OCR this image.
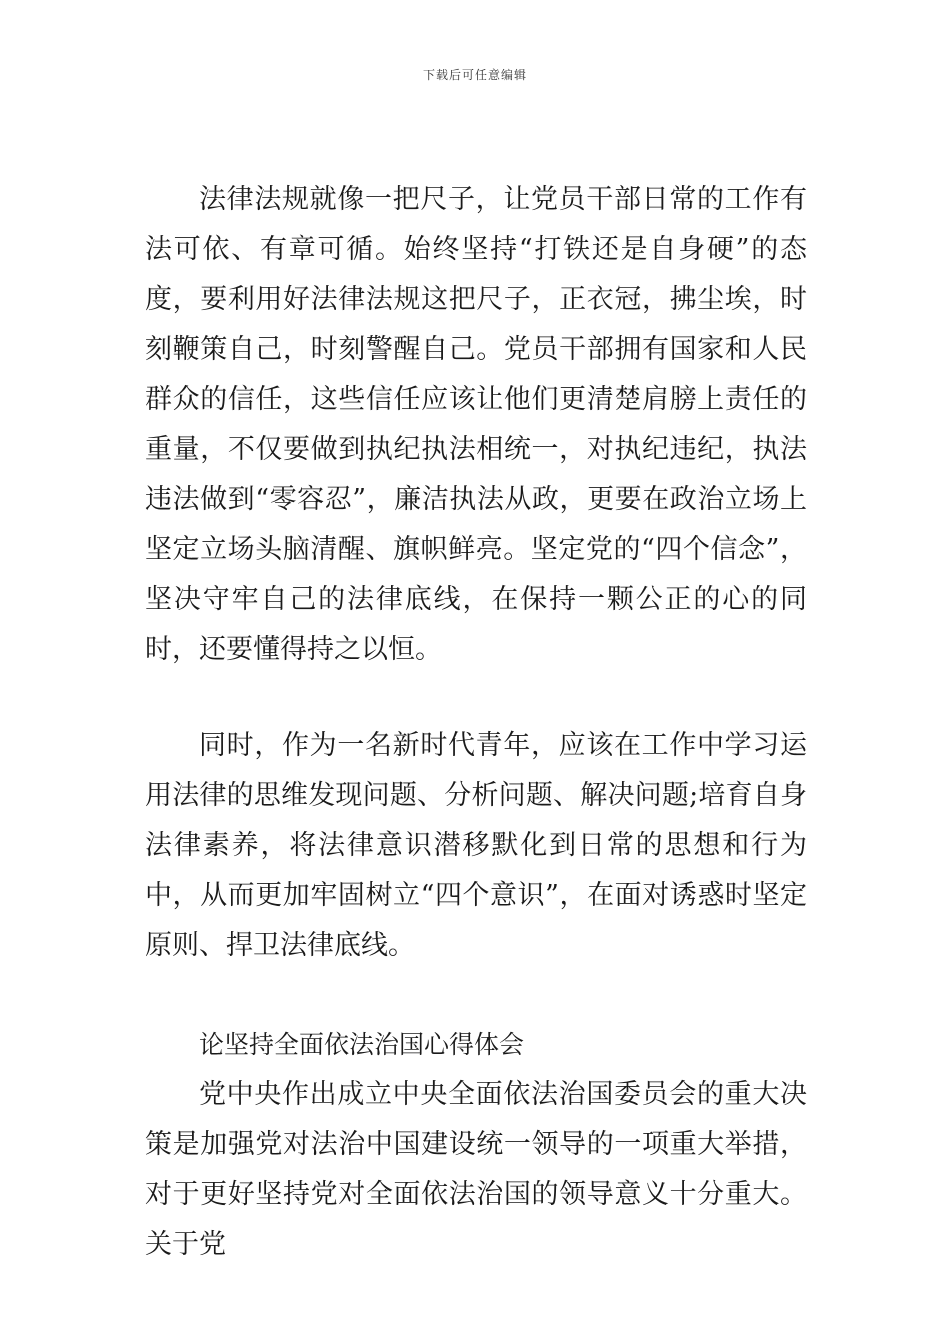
下载后可任意编辑

法律法规就像一把尺子，让党员干部日常的工作有法可依、有章可循。始终坚持“打铁还是自身硬”的态度，要利用好法律法规这把尺子，正衣冠，拂尘埃，时刻鞭策自己，时刻警醒自己。党员干部拥有国家和人民群众的信任，这些信任应该让他们更清楚肩膀上责任的重量，不仅要做到执纪执法相统一，对执纪违纪，执法违法做到“零容忍”，廉洁执法从政，更要在政治立场上坚定立场头脑清醒、旗帜鲜亮。坚定党的“四个信念”，坚决守牢自己的法律底线，在保持一颗公正的心的同时，还要懂得持之以恒。

同时，作为一名新时代青年，应该在工作中学习运用法律的思维发现问题、分析问题、解决问题;培育自身法律素养，将法律意识潜移默化到日常的思想和行为中，从而更加牢固树立“四个意识”，在面对诱惑时坚定原则、捍卫法律底线。

论坚持全面依法治国心得体会

党中央作出成立中央全面依法治国委员会的重大决策是加强党对法治中国建设统一领导的一项重大举措，对于更好坚持党对全面依法治国的领导意义十分重大。关于党
